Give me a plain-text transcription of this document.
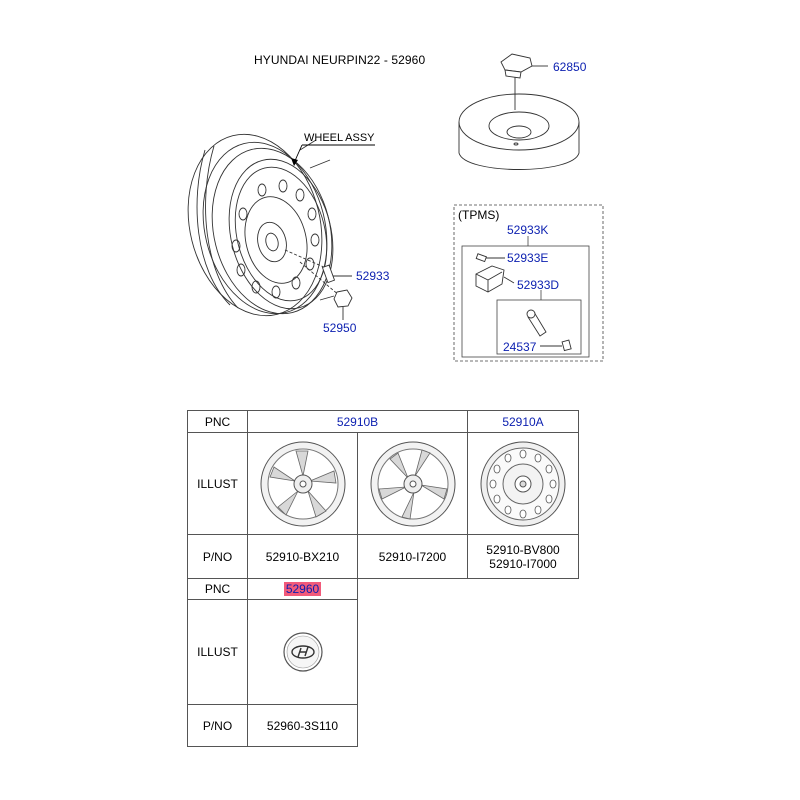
HYUNDAI NEURPIN22 - 52960
WHEEL ASSY
62850
52933
52950
(TPMS)
52933K
52933E
52933D
24537
PNC	52910B		52910A
ILLUST	

P/NO	52910-BX210	52910-I7200	52910-BV800
52910-I7000
PNC	52960
ILLUST	

P/NO	52960-3S110
